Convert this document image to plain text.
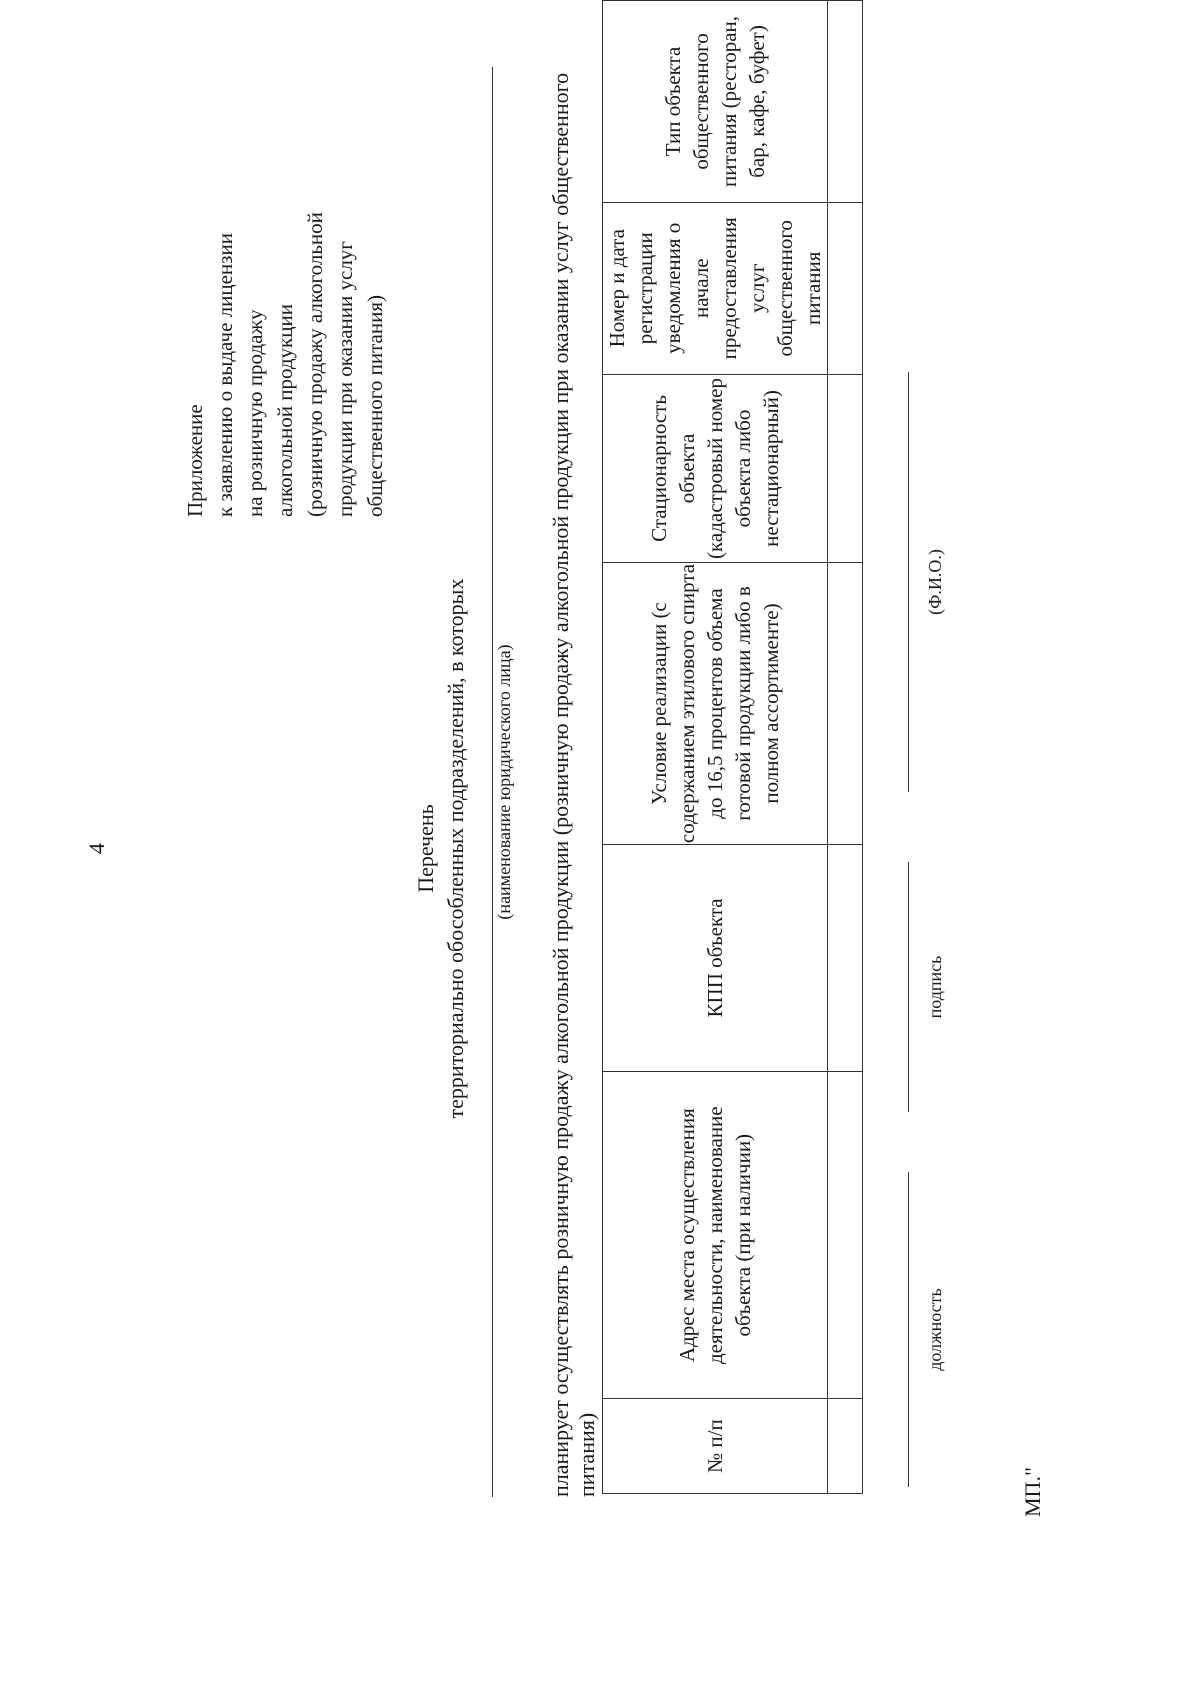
4
Приложение к заявлению о выдаче лицензии на розничную продажу алкогольной продукции (розничную продажу алкогольной продукции при оказании услуг общественного питания)
Перечень территориально обособленных подразделений, в которых (наименование юридического лица) планирует осуществлять розничную продажу алкогольной продукции (розничную продажу алкогольной продукции при оказании услуг общественного питания)	№ п/п	Адрес места осуществления деятельности, наименование объекта (при наличии)	КПП объекта	Условие реализации (с содержанием этилового спирта до 16,5 процентов объема готовой продукции либо в полном ассортименте)	Стационарность объекта (кадастровый номер объекта либо нестационарный)	Номер и дата регистрации уведомления о начале предоставления услуг общественного питания	Тип объекта общественного питания (ресторан, бар, кафе, буфет)

должность
подпись
(Ф.И.О.)
МП."
